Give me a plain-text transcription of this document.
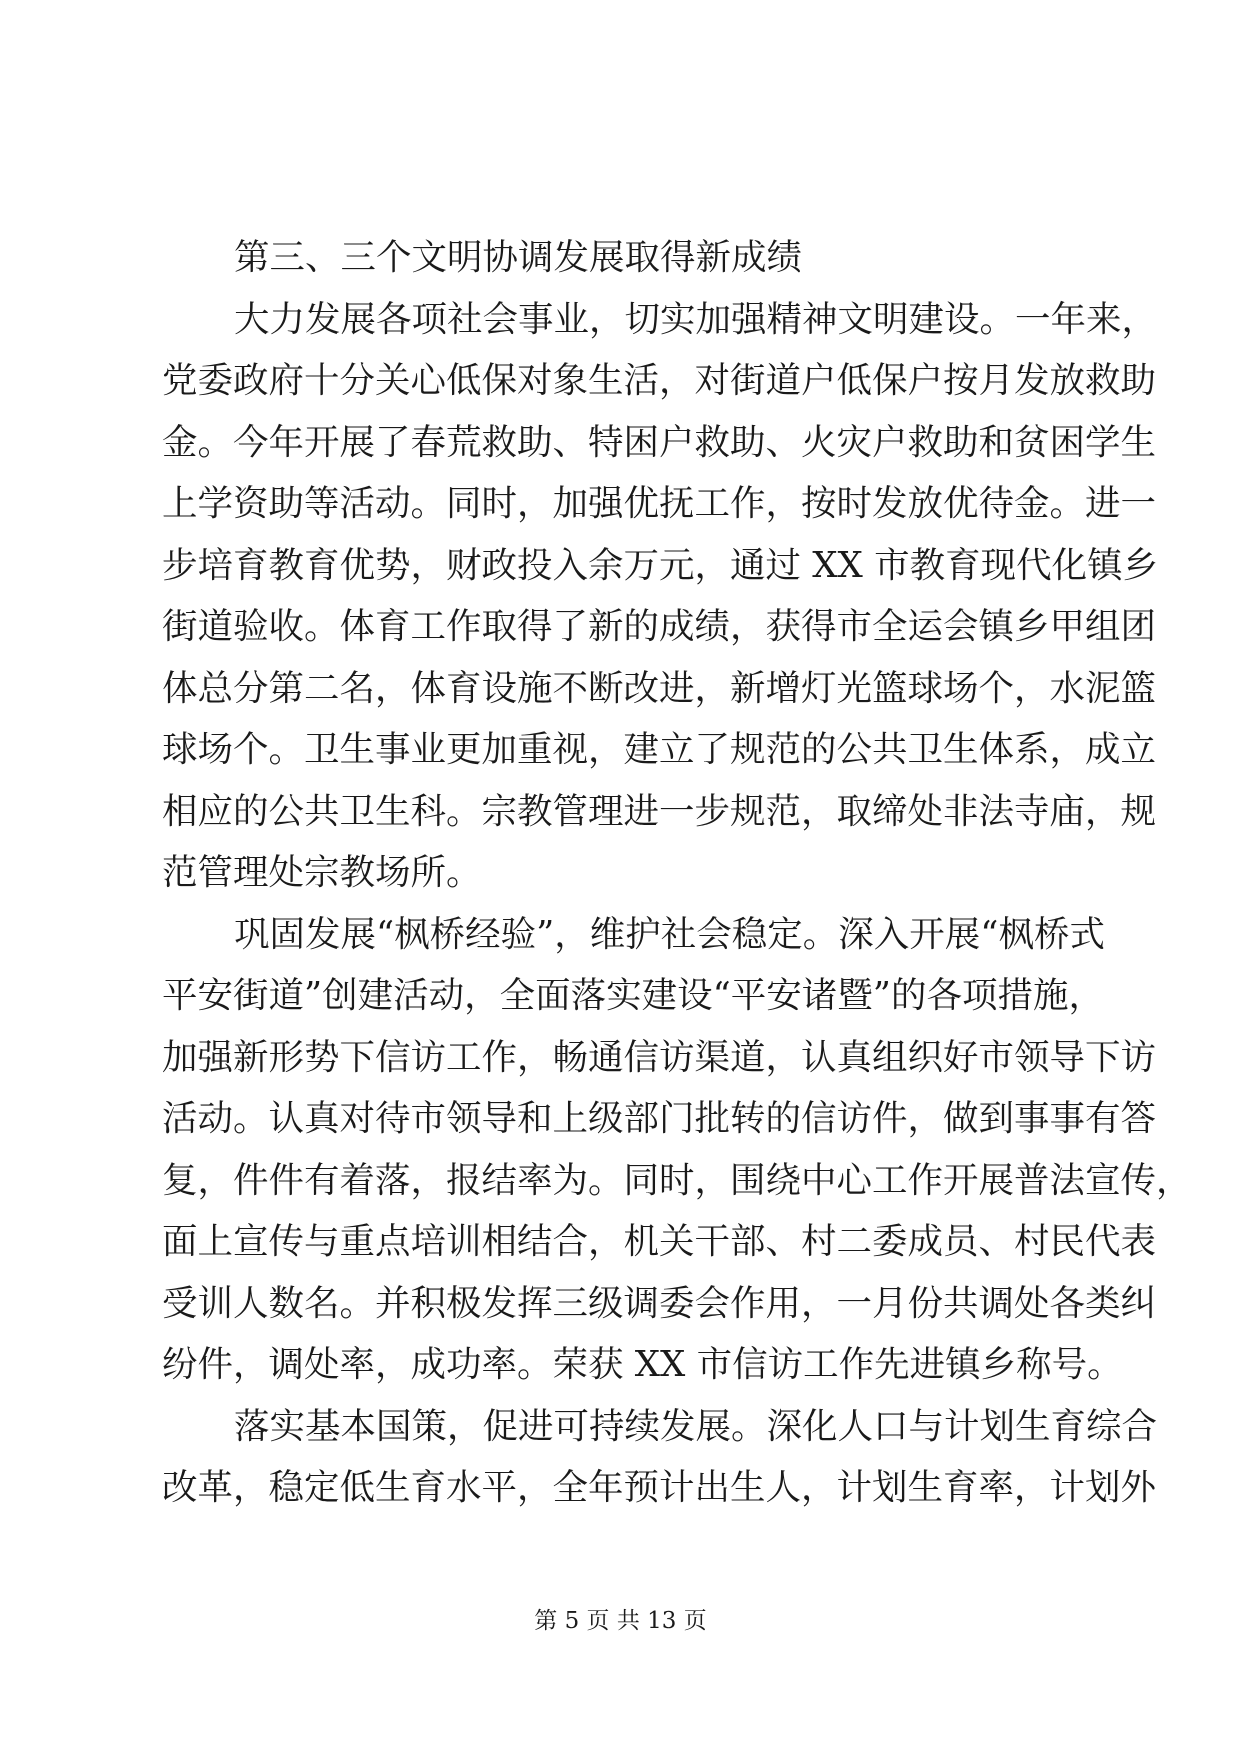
第三、三个文明协调发展取得新成绩
大力发展各项社会事业，切实加强精神文明建设。一年来，
党委政府十分关心低保对象生活，对街道户低保户按月发放救助
金。今年开展了春荒救助、特困户救助、火灾户救助和贫困学生
上学资助等活动。同时，加强优抚工作，按时发放优待金。进一
步培育教育优势，财政投入余万元，通过 XX 市教育现代化镇乡
街道验收。体育工作取得了新的成绩，获得市全运会镇乡甲组团
体总分第二名，体育设施不断改进，新增灯光篮球场个，水泥篮
球场个。卫生事业更加重视，建立了规范的公共卫生体系，成立
相应的公共卫生科。宗教管理进一步规范，取缔处非法寺庙，规
范管理处宗教场所。
巩固发展“枫桥经验”，维护社会稳定。深入开展“枫桥式
平安街道”创建活动，全面落实建设“平安诸暨”的各项措施，
加强新形势下信访工作，畅通信访渠道，认真组织好市领导下访
活动。认真对待市领导和上级部门批转的信访件，做到事事有答
复，件件有着落，报结率为。同时，围绕中心工作开展普法宣传，
面上宣传与重点培训相结合，机关干部、村二委成员、村民代表
受训人数名。并积极发挥三级调委会作用，一月份共调处各类纠
纷件，调处率，成功率。荣获 XX 市信访工作先进镇乡称号。
落实基本国策，促进可持续发展。深化人口与计划生育综合
改革，稳定低生育水平，全年预计出生人，计划生育率，计划外
第 5 页 共 13 页
